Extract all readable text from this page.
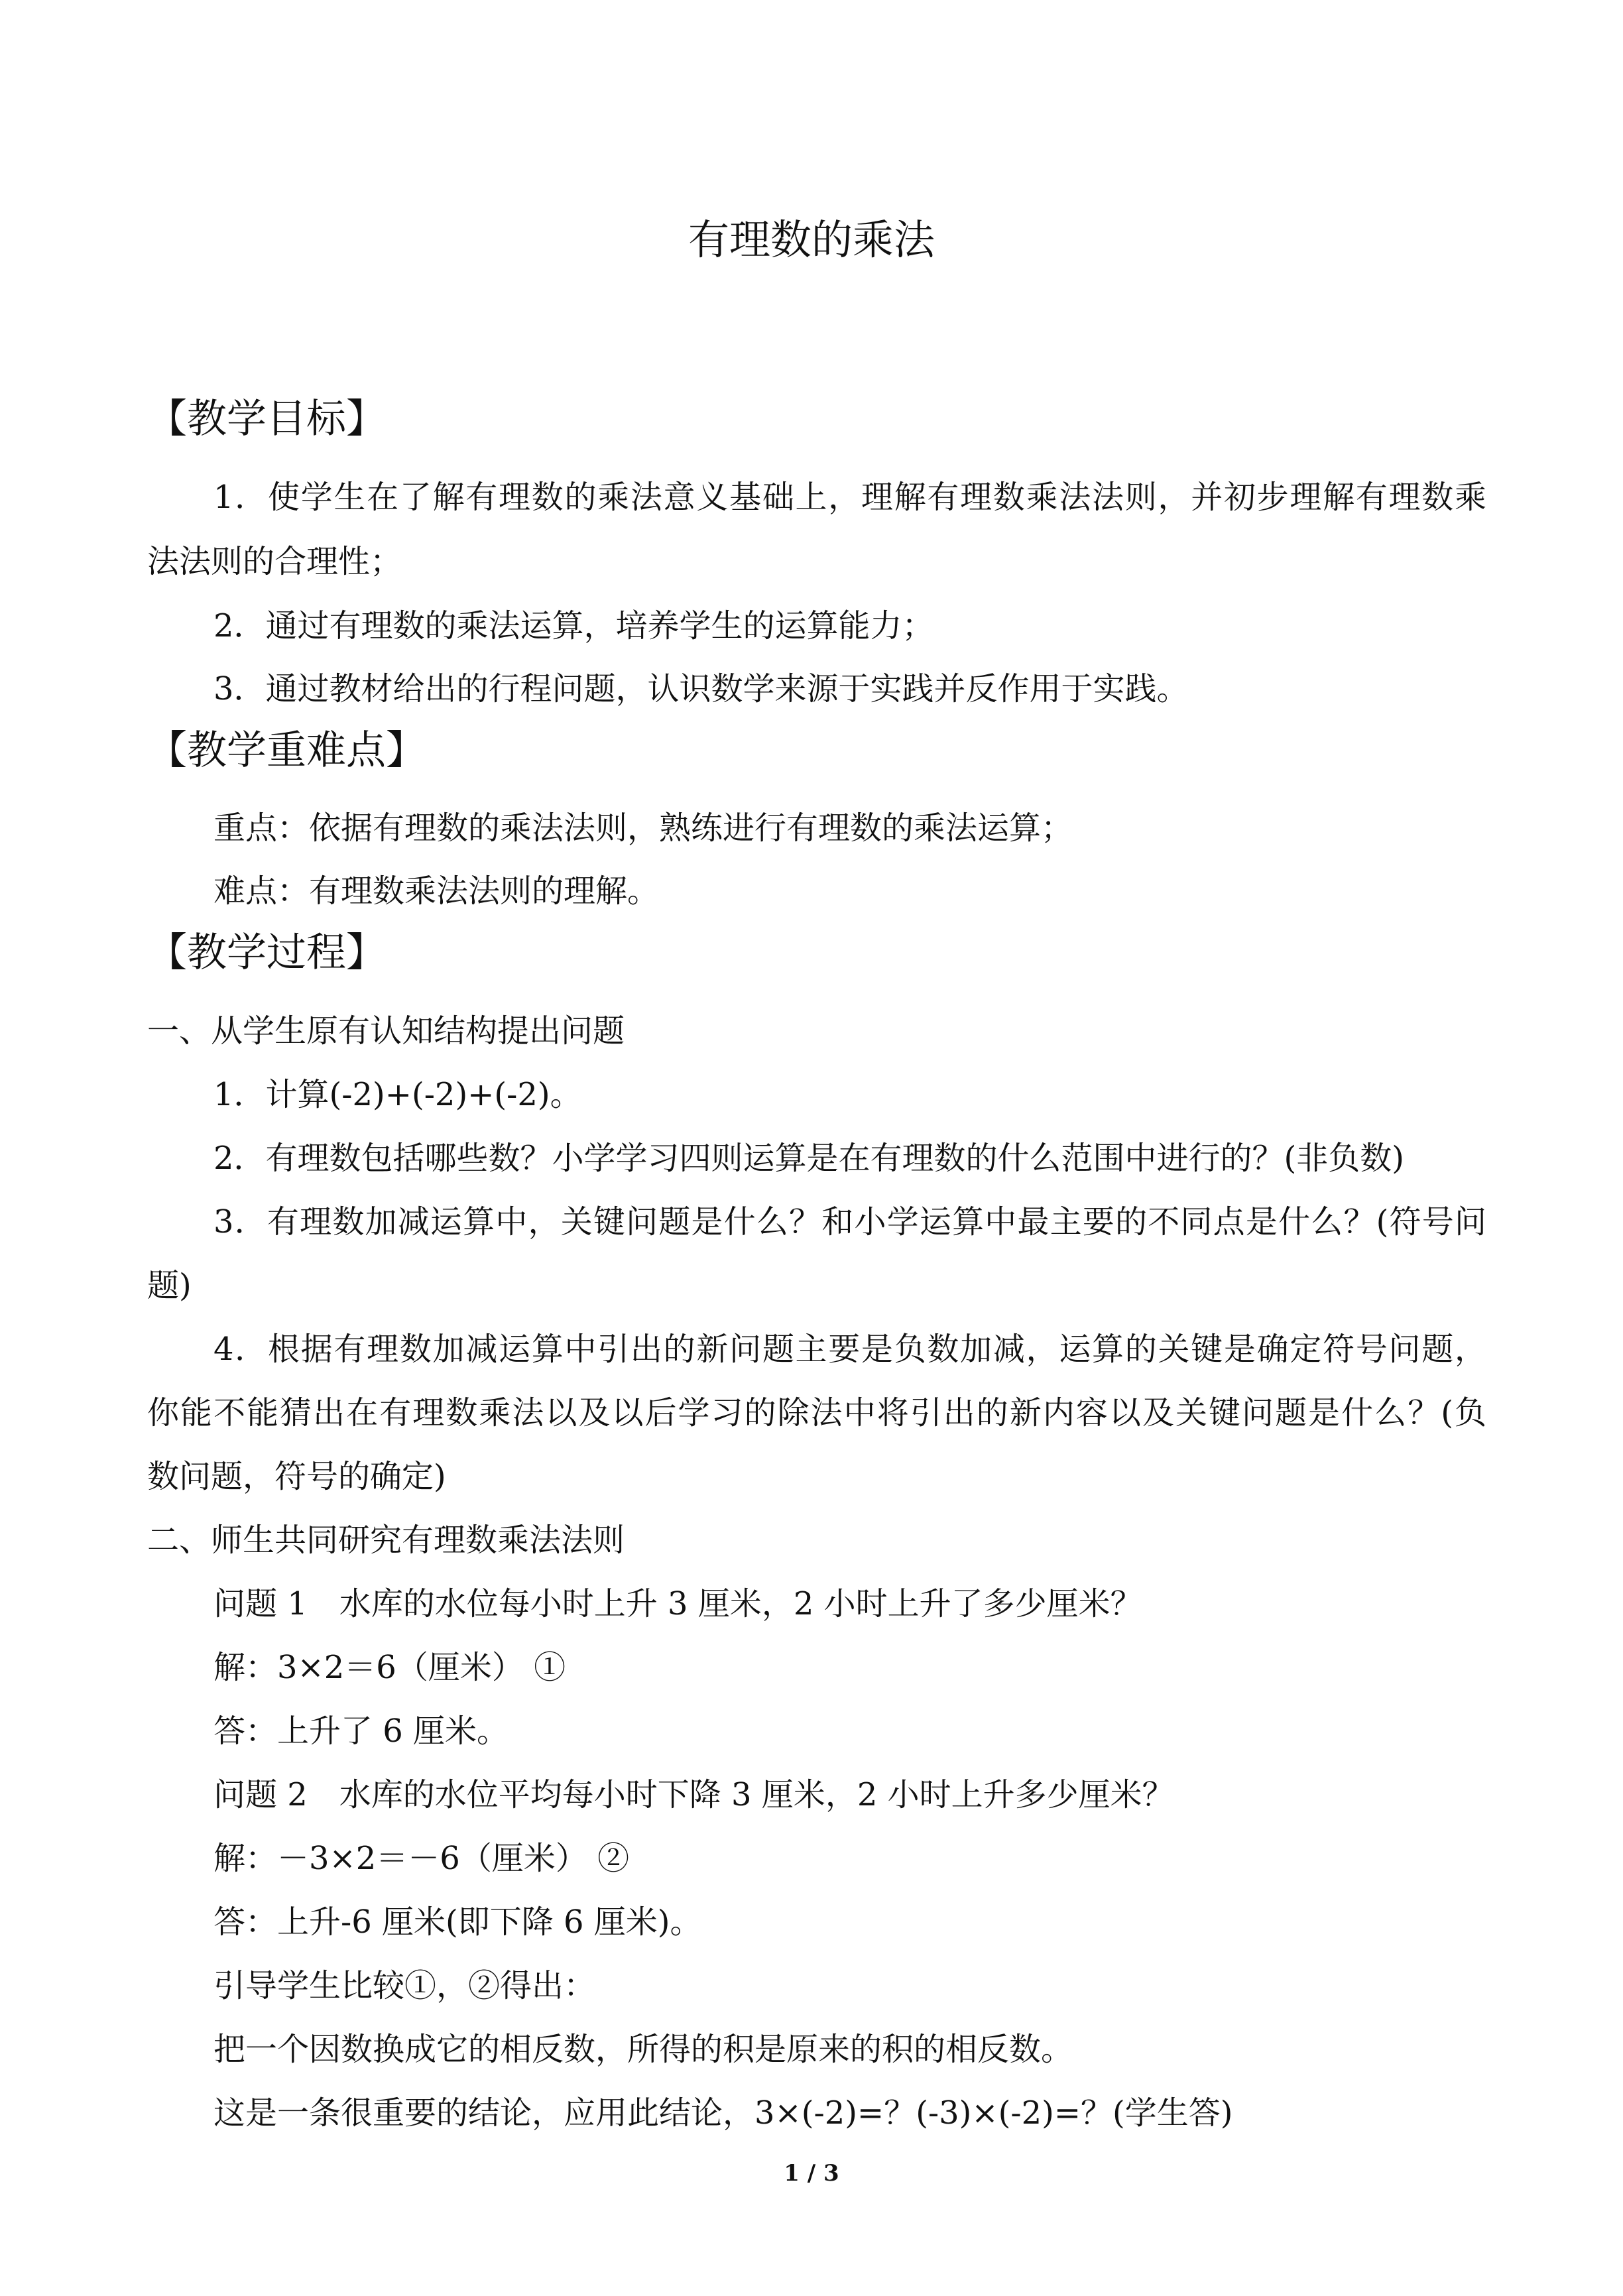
有理数的乘法
【教学目标】
1．使学生在了解有理数的乘法意义基础上，理解有理数乘法法则，并初步理解有理数乘
法法则的合理性；
2．通过有理数的乘法运算，培养学生的运算能力；
3．通过教材给出的行程问题，认识数学来源于实践并反作用于实践。
【教学重难点】
重点：依据有理数的乘法法则，熟练进行有理数的乘法运算；
难点：有理数乘法法则的理解。
【教学过程】
一、从学生原有认知结构提出问题
1．计算(-2)+(-2)+(-2)。
2．有理数包括哪些数？小学学习四则运算是在有理数的什么范围中进行的？(非负数)
3．有理数加减运算中，关键问题是什么？和小学运算中最主要的不同点是什么？(符号问
题)
4．根据有理数加减运算中引出的新问题主要是负数加减，运算的关键是确定符号问题，
你能不能猜出在有理数乘法以及以后学习的除法中将引出的新内容以及关键问题是什么？(负
数问题，符号的确定)
二、师生共同研究有理数乘法法则
问题 1　水库的水位每小时上升 3 厘米，2 小时上升了多少厘米？
解：3×2＝6（厘米） ①
答：上升了 6 厘米。
问题 2　水库的水位平均每小时下降 3 厘米，2 小时上升多少厘米？
解：－3×2＝－6（厘米） ②
答：上升-6 厘米(即下降 6 厘米)。
引导学生比较①，②得出：
把一个因数换成它的相反数，所得的积是原来的积的相反数。
这是一条很重要的结论，应用此结论，3×(-2)=？(-3)×(-2)=？(学生答)
1 / 3
